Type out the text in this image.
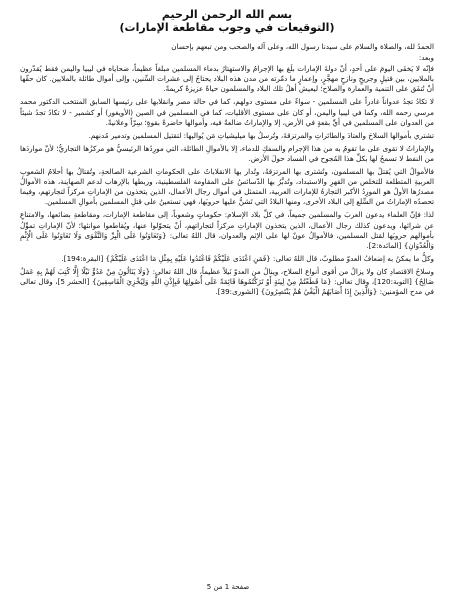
بسم الله الرحمن الرحيم
(التوقيعات في وجوب مقاطعة الإمارات)

الحمدُ لله، والصلاة والسلام على سيدنا رسول الله، وعلى آله والصحب ومن تبعهم بإحسان

وبعد:

فإنّه لا يَخفَى اليومَ على أحدٍ، أنّ دولةَ الإمارات بلَغ بها الإجرامُ والاستهتارُ بدماء المسلمين مبلغاً عظيماً، ضحاياه في ليبيا واليمن فقط يُقدّرون بالملايين، بين قتيلٍ وجريحٍ ونازحٍ مهجَّرٍ، وإعمارٍ ما دمّرته من مدن هذه البلاد يحتاجُ إلى عشرات السِّنين، وإلى أموال طائلة بالملايين. كان حقّها أنْ تُنفَق على التنمية والعمارة والصلاح؛ ليعيش أهلُ تلك البلاد والمسلمون حياةً عزيزةً كريمةً.

لا تكادُ تجدُ عدواناً غادراً على المسلمين - سواءٌ على مستوى دولهم، كما في حالة مصر وانقلابها على رئيسها السابق المنتخب الدكتور محمد مرسي رحمه الله، وكما في ليبيا واليمن، أو كان على مستوى الأقليات، كما في المسلمين في الصين (الأويغور) أو كشمير - لا تكادُ تجدُ شيئاً من العدوان على المسلمين في أيِّ بقعةٍ في الأرض، إلا والإماراتُ ضالعةٌ فيه، وأموالها حاضرةٌ بقوةٍ؛ سِرّاً وعلانيةً.

تشتري بأموالها السلاحَ والعتادَ والطائراتِ والمرتزقةَ، وتُرسلُ بها ميليشياتِ مَن يُواليها: لتقتيل المسلمين وتدمير مُدنهم.

والإماراتُ لا تقوى على ما تقومُ به من هذا الإجرام والسفكِ للدماء، إلا بالأموالِ الطائلة، التي مورِدُها الرئيسيُّ هو مركزُها التجاريُّ؛ لأنّ مواردَها من النفط لا تسمحُ لها بكلِّ هذا المُجوح في الفساد حولَ الأرض.

فالأموالُ التي يُقتلُ بها المسلمون، وتُشترى بها المرتزقةُ، وتُدار بها الانقلاباتُ على الحكوماتِ الشرعية الصالحةِ، وتُقتالُ بها أحلامُ الشعوبِ العربيةِ المتطلعة للتخلص من القهرِ والاستبداد، وتُدبَّرُ بها الدّسائسُ على المقاومة الفلسطينية، وربطها بالإرهاب لدعم الصهاينة، هذه الأموالُ مصدرُها الأولُ هو المورِدُ الأكبر التجارةُ للإمارات العربية، المتمثل في أموال رجال الأعمال، الذين يتخذون من الإماراتِ مركزاً لتجارتهم، وفيما تحصدُه الإماراتُ من السِّلع إلى البلاد الأخرى، ومنها البلادُ التي تَشنُّ عليها حروبَها، فهي تستعينُ على قتلِ المسلمين بأموالِ المسلمين.

لذا: فإنّ العلماء يدعون العربَ والمسلمين جميعاً، في كلِّ بلاد الإسلام: حكوماتٍ وشعوباً، إلى مقاطعة الإمارات، ومقاطعةِ بضائعها، والامتناعِ عن شرائها، ويدعون كذلك رجال الأعمال، الذين يتخذون الإماراتِ مركزاً لتجاراتهم، أنْ يتحوّلوا عنها، ويُقاطعوا موانئها؛ لأنّ الإماراتِ تموِّلُ بأموالهم حروبَها لقتل المسلمين، فالأموالُ عونٌ لها على الإثم والعدوان، قال اللهُ تعالى: {وَتَعَاوَنُوا عَلَى الْبِرِّ وَالتَّقْوَى وَلَا تَعَاوَنُوا عَلَى الْإِثْمِ وَالْعُدْوَانِ} [المائدة:2].

وكلُّ ما يمكنُ به إضعافُ العدوّ مطلوبٌ، قال اللهُ تعالى: {فَمَنِ اعْتَدَى عَلَيْكُمْ فَاعْتَدُوا عَلَيْهِ بِمِثْلِ مَا اعْتَدَى عَلَيْكُمْ} [البقرة:194].

وسلاحُ الاقتصادِ كان ولا يزالُ من أقوى أنواع السلاح، وينالُ من العدوّ نَيلاً عظيماً، قال اللهُ تعالى: {وَلَا يَنَالُونَ مِنْ عَدُوٍّ نَيْلًا إِلَّا كُتِبَ لَهُمْ بِهِ عَمَلٌ صَالِحٌ} [التوبة:120]، وقال تعالى: {مَا قَطَعْتُمْ مِنْ لِينَةٍ أَوْ تَرَكْتُمُوهَا قَائِمَةً عَلَى أُصُولِهَا فَبِإِذْنِ اللَّهِ وَلِيُخْزِيَ الْفَاسِقِينَ} [الحشر 5]، وقال تعالى في مدح المؤمنين: {وَالَّذِينَ إِذَا أَصَابَهُمُ الْبَغْيُ هُمْ يَنْتَصِرُونَ} [الشورى:39].

صفحة 1 من 5
